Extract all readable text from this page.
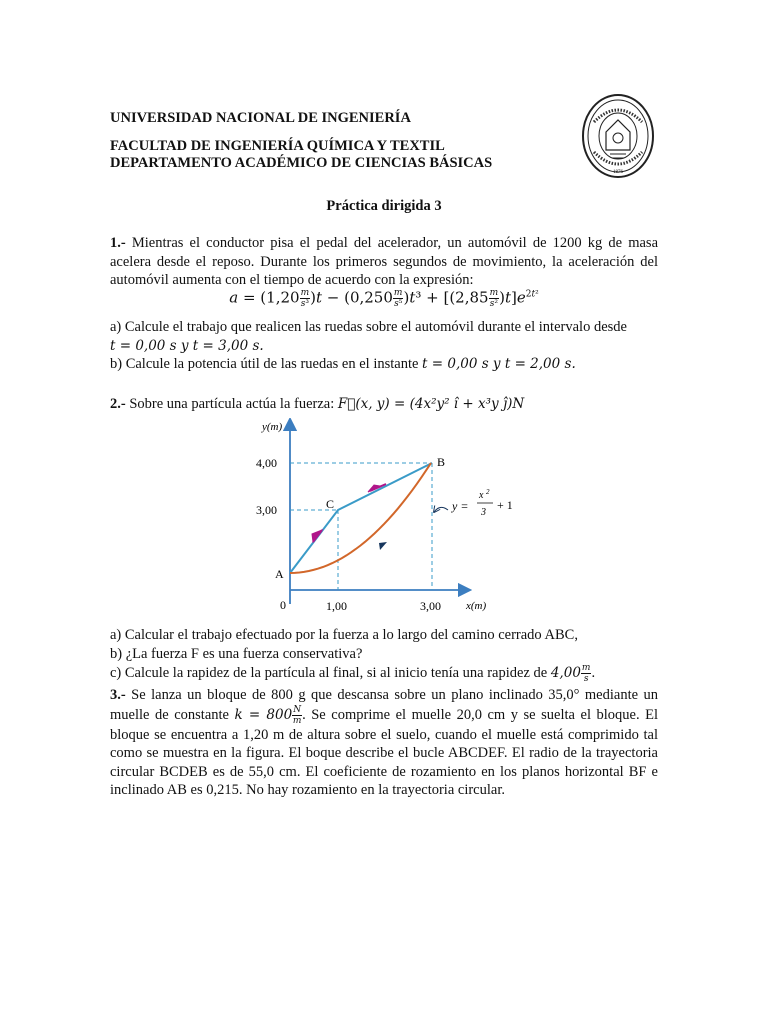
UNIVERSIDAD NACIONAL DE INGENIERÍA
FACULTAD DE INGENIERÍA QUÍMICA Y TEXTIL
DEPARTAMENTO ACADÉMICO DE CIENCIAS BÁSICAS
1876
Práctica dirigida 3
1.- Mientras el conductor pisa el pedal del acelerador, un automóvil de 1200 kg de masa acelera desde el reposo. Durante los primeros segundos de movimiento, la aceleración del automóvil aumenta con el tiempo de acuerdo con la expresión:
$a = (1,20 \frac{m}{\text{s³}} )t - (0,250 \frac{m}{\text{s⁵}} )t^3 + [(2,85 \frac{m}{\text{s²}} )t]e^{2t^2}$
a) Calcule el trabajo que realicen las ruedas sobre el automóvil durante el intervalo desde
t = 0,00 s y t = 3,00 s.
b) Calcule la potencia útil de las ruedas en el instante t = 0,00 s y t = 2,00 s.
2.- Sobre una partícula actúa la fuerza: F⃗(x, y) = (4x²y² î + x³y ĵ)N
y(m)
x(m)
0
4,00
3,00
1,00	3,00
A
C
B
y =
x 2
3
+ 1
a) Calcular el trabajo efectuado por la fuerza a lo largo del camino cerrado ABC,
b) ¿La fuerza F es una fuerza conservativa?
c) Calcule la rapidez de la partícula al final, si al inicio tenía una rapidez de $4,00 \frac{m}{s}$ .
3.- Se lanza un bloque de 800 g que descansa sobre un plano inclinado 35,0° mediante un muelle de constante $k = 800 \frac{N}{m}$ . Se comprime el muelle 20,0 cm y se suelta el bloque. El bloque se encuentra a 1,20 m de altura sobre el suelo, cuando el muelle está comprimido tal como se muestra en la figura. El boque describe el bucle ABCDEF. El radio de la trayectoria circular BCDEB es de 55,0 cm. El coeficiente de rozamiento en los planos horizontal BF e inclinado AB es 0,215. No hay rozamiento en la trayectoria circular.
